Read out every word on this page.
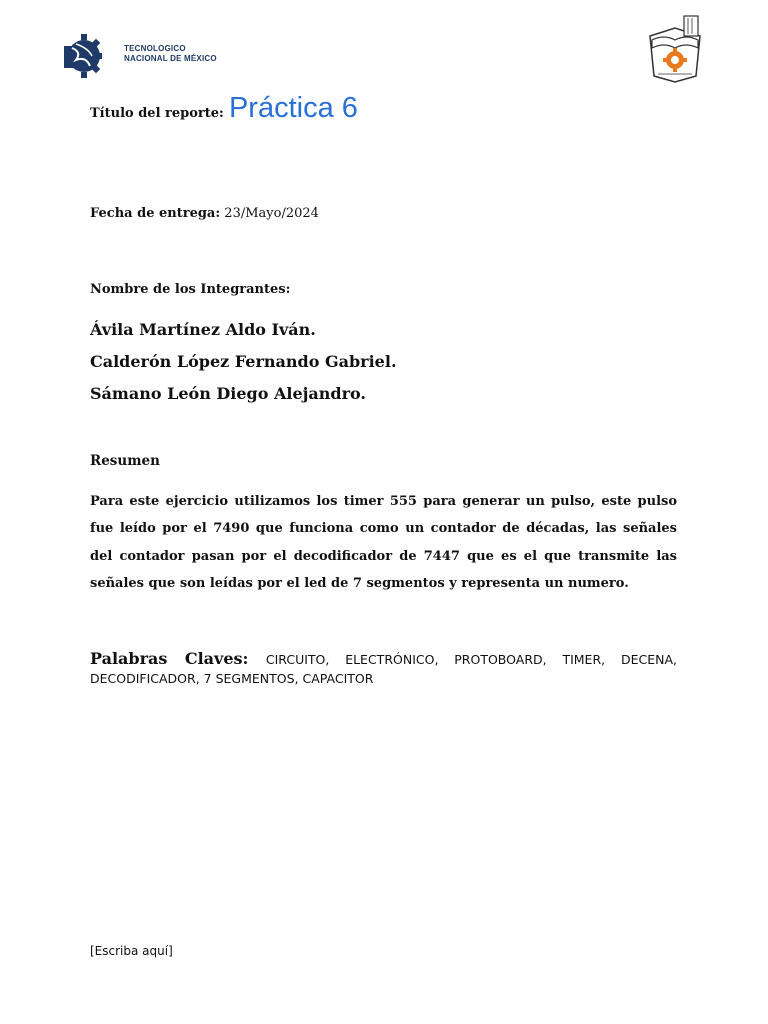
TECNOLOGICO
NACIONAL DE MÉXICO
Título del reporte: Práctica 6
Fecha de entrega: 23/Mayo/2024
Nombre de los Integrantes:
Ávila Martínez Aldo Iván.
Calderón López Fernando Gabriel.
Sámano León Diego Alejandro.
Resumen
Para este ejercicio utilizamos los timer 555 para generar un pulso, este pulso fue leído por el 7490 que funciona como un contador de décadas, las señales del contador pasan por el decodificador de 7447 que es el que transmite las señales que son leídas por el led de 7 segmentos y representa un numero.
Palabras Claves: CIRCUITO, ELECTRÓNICO, PROTOBOARD, TIMER, DECENA, DECODIFICADOR, 7 SEGMENTOS, CAPACITOR
[Escriba aquí]
